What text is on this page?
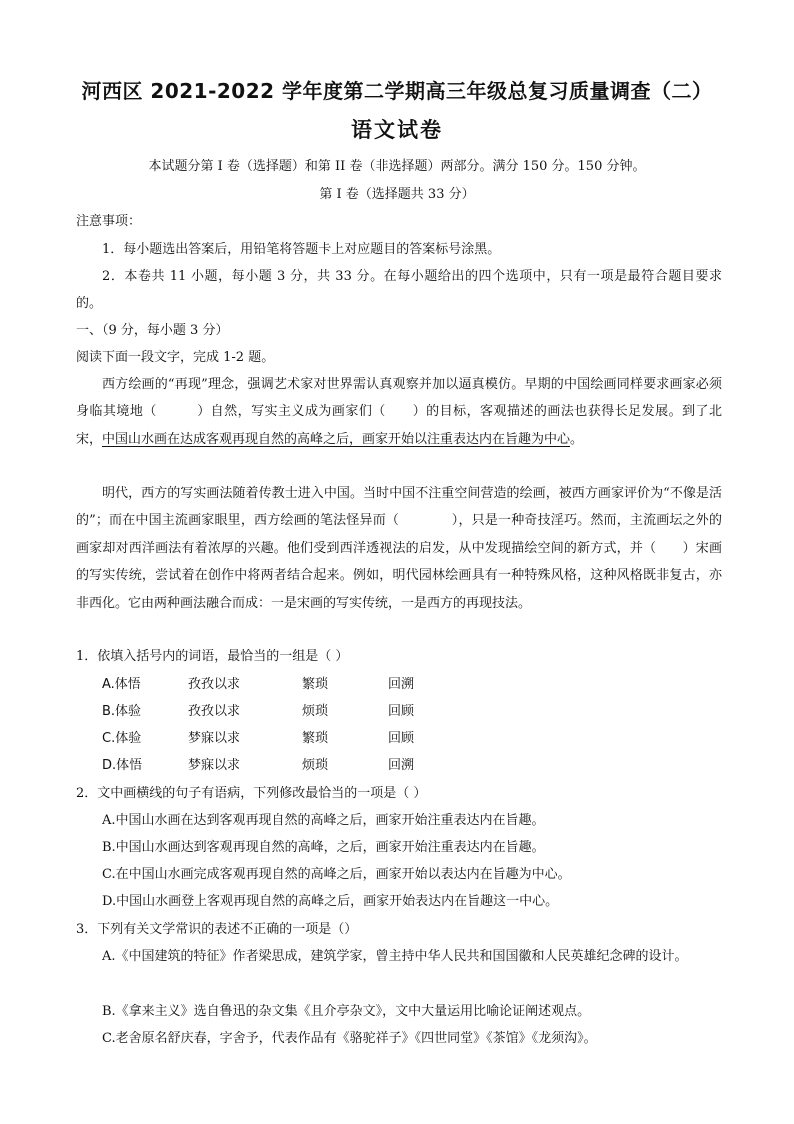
河西区 2021-2022 学年度第二学期高三年级总复习质量调查（二）
语文试卷
本试题分第 I 卷（选择题）和第 II 卷（非选择题）两部分。满分 150 分。150 分钟。
第 I 卷（选择题共 33 分）
注意事项：
1．每小题选出答案后，用铅笔将答题卡上对应题目的答案标号涂黑。
2．本卷共 11 小题，每小题 3 分，共 33 分。在每小题给出的四个选项中，只有一项是最符合题目要求的。
一、（9 分，每小题 3 分）
阅读下面一段文字，完成 1-2 题。
西方绘画的“再现”理念，强调艺术家对世界需认真观察并加以逼真模仿。早期的中国绘画同样要求画家必须身临其境地（　　　）自然，写实主义成为画家们（　　）的目标，客观描述的画法也获得长足发展。到了北宋，中国山水画在达成客观再现自然的高峰之后，画家开始以注重表达内在旨趣为中心。
明代，西方的写实画法随着传教士进入中国。当时中国不注重空间营造的绘画，被西方画家评价为“不像是活的”；而在中国主流画家眼里，西方绘画的笔法怪异而（　　　　），只是一种奇技淫巧。然而，主流画坛之外的画家却对西洋画法有着浓厚的兴趣。他们受到西洋透视法的启发，从中发现描绘空间的新方式，并（　　）宋画的写实传统，尝试着在创作中将两者结合起来。例如，明代园林绘画具有一种特殊风格，这种风格既非复古，亦非西化。它由两种画法融合而成：一是宋画的写实传统，一是西方的再现技法。
1．依填入括号内的词语，最恰当的一组是（ ）
A.体悟	孜孜以求	繁琐	回溯
B.体验	孜孜以求	烦琐	回顾
C.体验	梦寐以求	繁琐	回顾
D.体悟	梦寐以求	烦琐	回溯
2．文中画横线的句子有语病，下列修改最恰当的一项是（ ）
A.中国山水画在达到客观再现自然的高峰之后，画家开始注重表达内在旨趣。
B.中国山水画达到客观再现自然的高峰，之后，画家开始注重表达内在旨趣。
C.在中国山水画完成客观再现自然的高峰之后，画家开始以表达内在旨趣为中心。
D.中国山水画登上客观再现自然的高峰之后，画家开始表达内在旨趣这一中心。
3．下列有关文学常识的表述不正确的一项是（）
A.《中国建筑的特征》作者梁思成，建筑学家，曾主持中华人民共和国国徽和人民英雄纪念碑的设计。
B.《拿来主义》选自鲁迅的杂文集《且介亭杂文》，文中大量运用比喻论证阐述观点。
C.老舍原名舒庆春，字舍予，代表作品有《骆驼祥子》《四世同堂》《茶馆》《龙须沟》。
